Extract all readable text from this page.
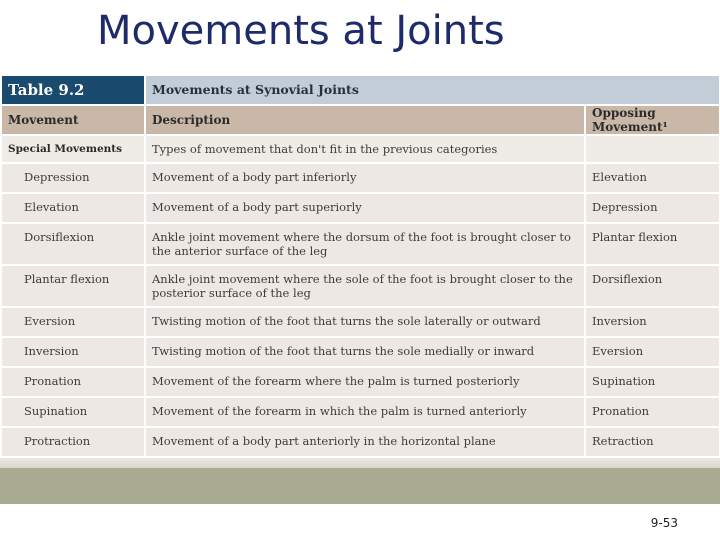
Movements at Joints
Table 9.2	Movements at Synovial Joints	
Movement	Description	Opposing Movement¹
Special Movements	Types of movement that don't fit in the previous categories	
Depression	Movement of a body part inferiorly	Elevation
Elevation	Movement of a body part superiorly	Depression
Dorsiflexion	Ankle joint movement where the dorsum of the foot is brought closer to the anterior surface of the leg	Plantar flexion
Plantar flexion	Ankle joint movement where the sole of the foot is brought closer to the posterior surface of the leg	Dorsiflexion
Eversion	Twisting motion of the foot that turns the sole laterally or outward	Inversion
Inversion	Twisting motion of the foot that turns the sole medially or inward	Eversion
Pronation	Movement of the forearm where the palm is turned posteriorly	Supination
Supination	Movement of the forearm in which the palm is turned anteriorly	Pronation
Protraction	Movement of a body part anteriorly in the horizontal plane	Retraction

9-53
